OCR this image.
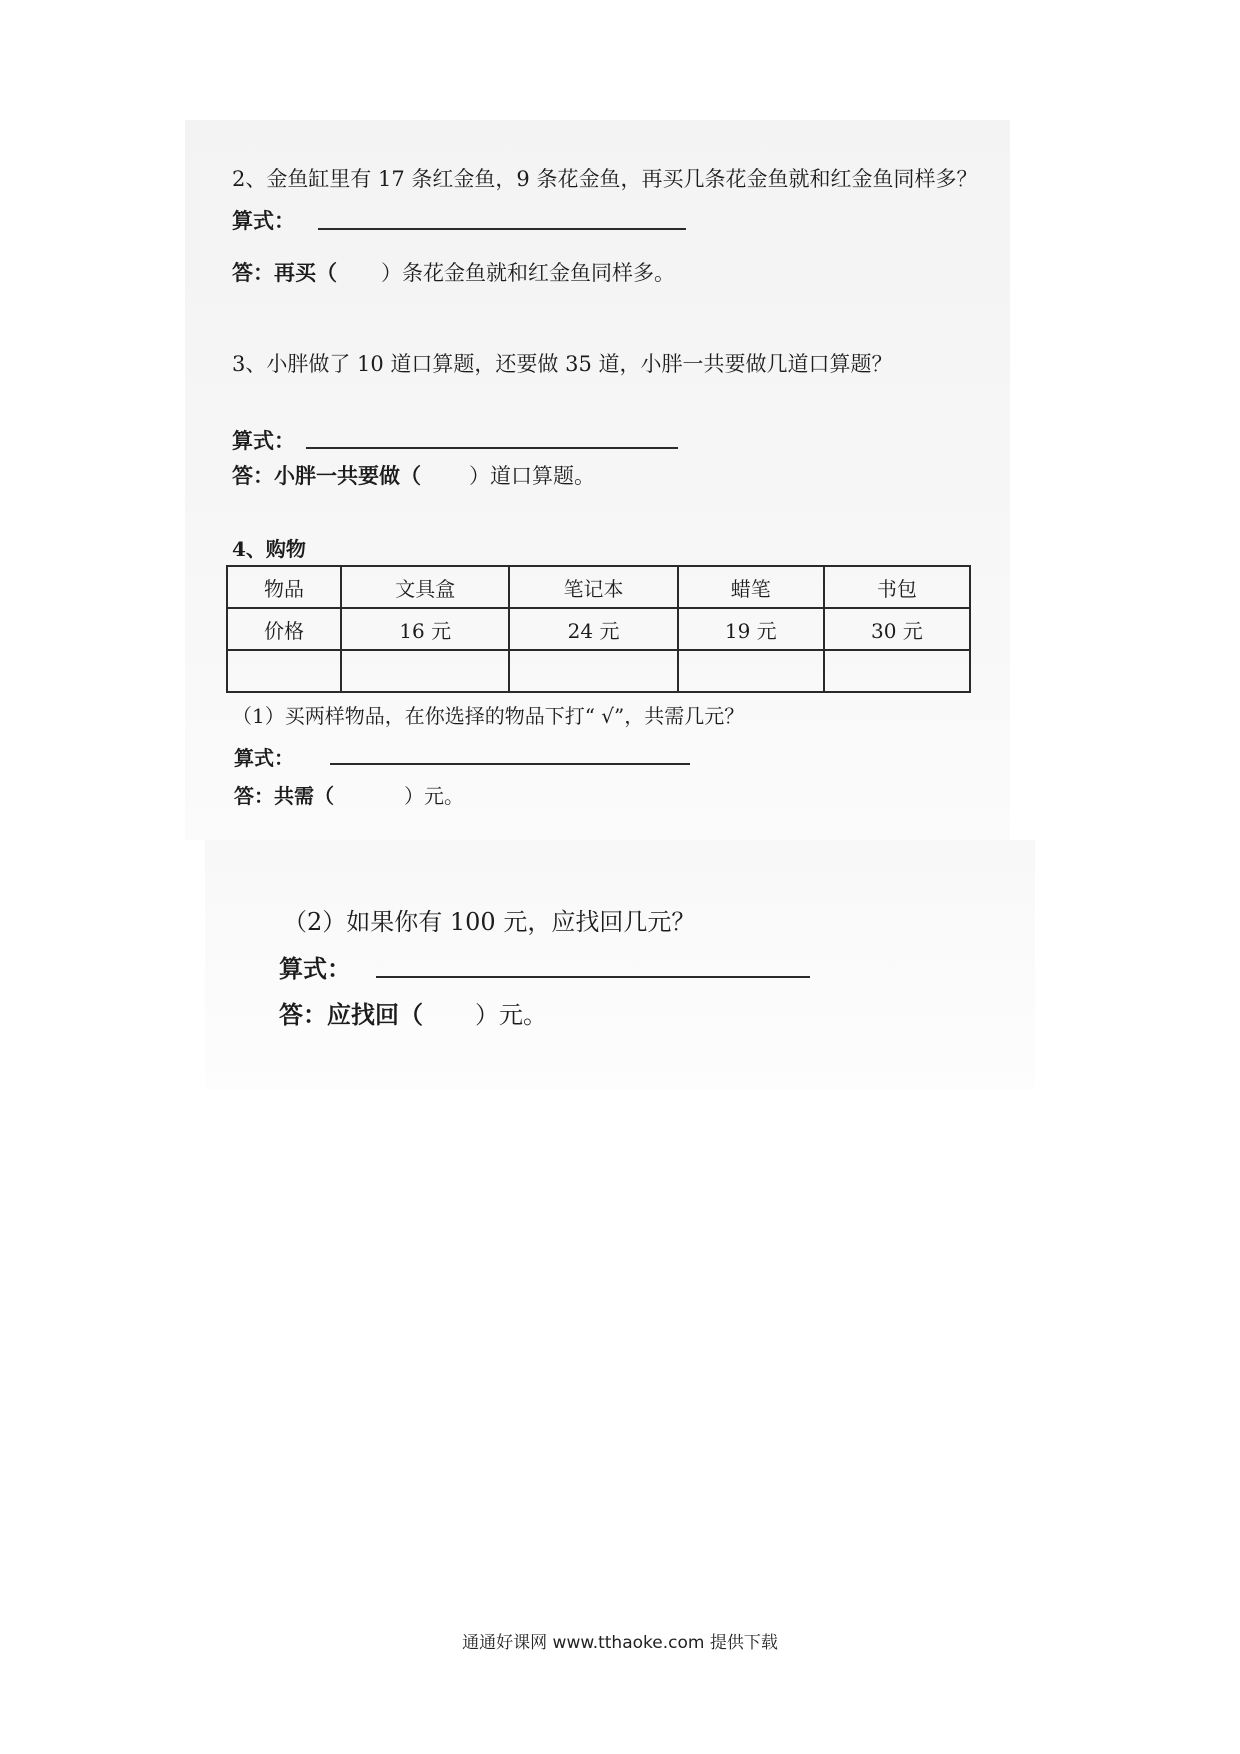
2、金鱼缸里有 17 条红金鱼，9 条花金鱼，再买几条花金鱼就和红金鱼同样多？
算式：
答：再买（ ）条花金鱼就和红金鱼同样多。
3、小胖做了 10 道口算题，还要做 35 道，小胖一共要做几道口算题？
算式：
答：小胖一共要做（ ）道口算题。
4、购物
物品	文具盒	笔记本	蜡笔	书包
价格	16 元	24 元	19 元	30 元

（1）买两样物品，在你选择的物品下打“ √”，共需几元？
算式：
答：共需（	）元。
（2）如果你有 100 元，应找回几元？
算式：
答：应找回（ ）元。
通通好课网 www.tthaoke.com 提供下载
